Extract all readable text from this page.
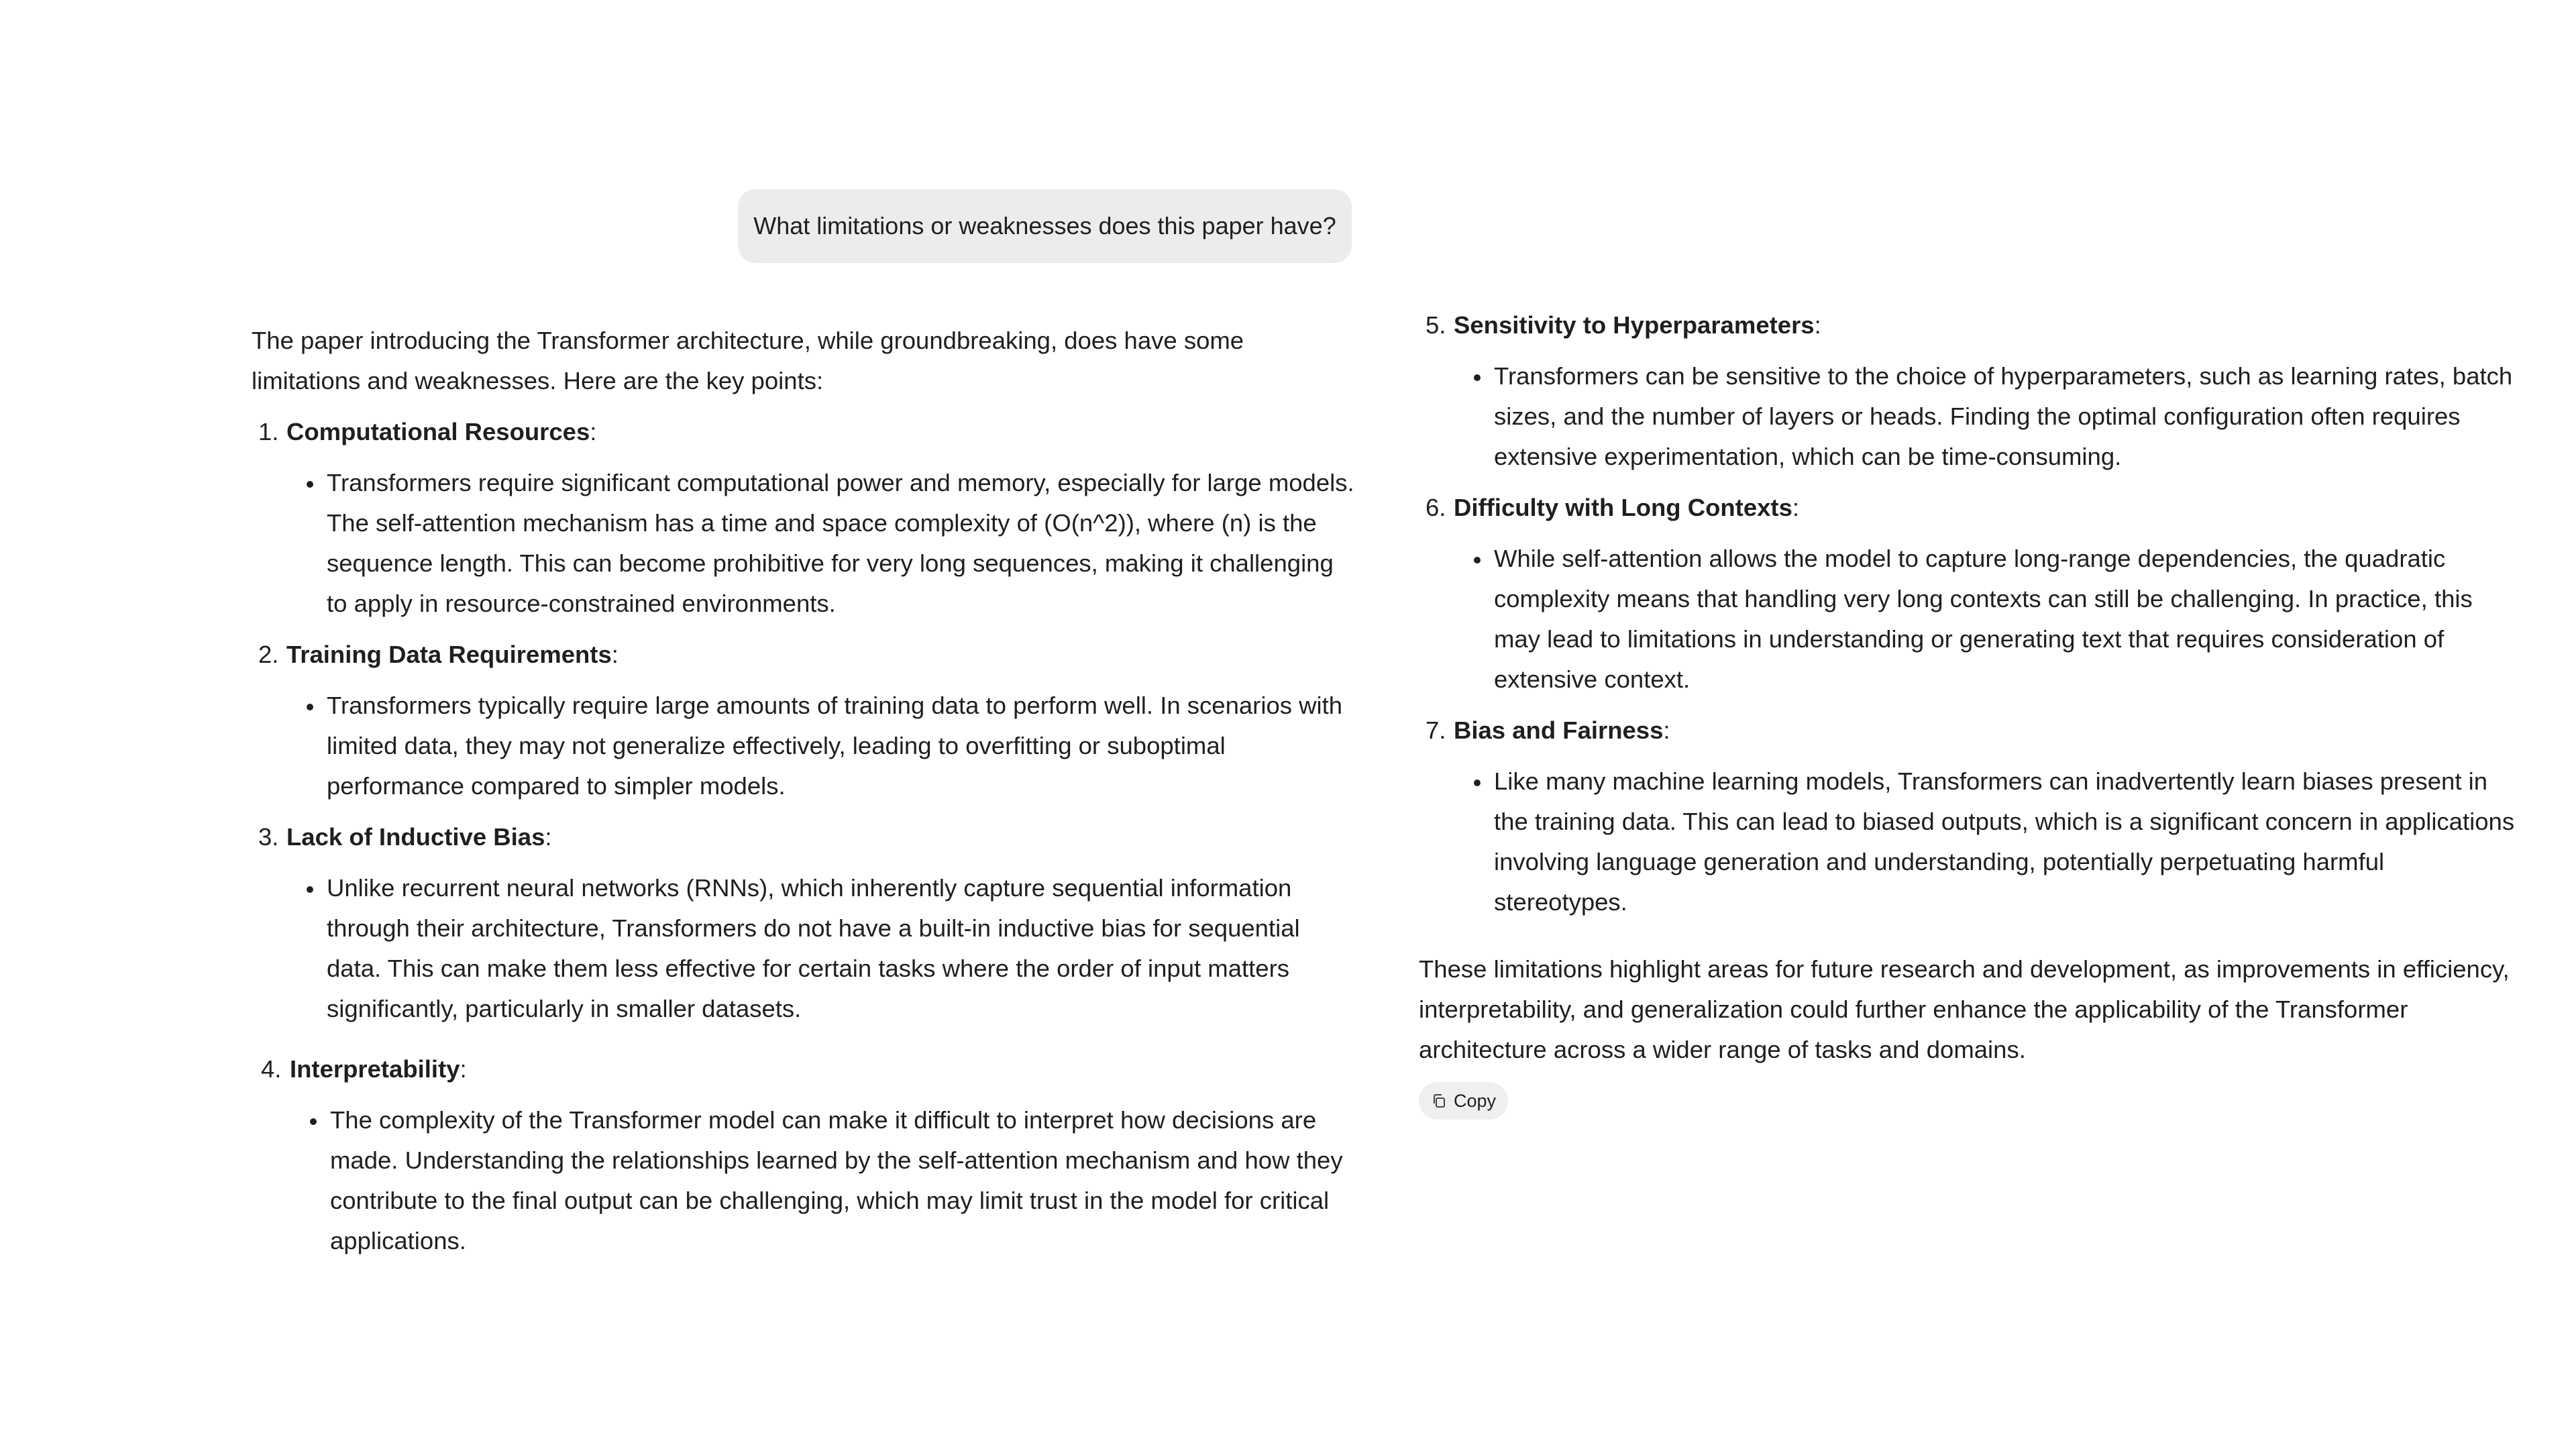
What limitations or weaknesses does this paper have?

The paper introducing the Transformer architecture, while groundbreaking, does have some limitations and weaknesses. Here are the key points:

1. Computational Resources:
Transformers require significant computational power and memory, especially for large models. The self-attention mechanism has a time and space complexity of (O(n^2)), where (n) is the sequence length. This can become prohibitive for very long sequences, making it challenging to apply in resource-constrained environments.
2. Training Data Requirements:
Transformers typically require large amounts of training data to perform well. In scenarios with limited data, they may not generalize effectively, leading to overfitting or suboptimal performance compared to simpler models.
3. Lack of Inductive Bias:
Unlike recurrent neural networks (RNNs), which inherently capture sequential information through their architecture, Transformers do not have a built-in inductive bias for sequential data. This can make them less effective for certain tasks where the order of input matters significantly, particularly in smaller datasets.
4. Interpretability:
The complexity of the Transformer model can make it difficult to interpret how decisions are made. Understanding the relationships learned by the self-attention mechanism and how they contribute to the final output can be challenging, which may limit trust in the model for critical applications.
5. Sensitivity to Hyperparameters:
Transformers can be sensitive to the choice of hyperparameters, such as learning rates, batch sizes, and the number of layers or heads. Finding the optimal configuration often requires extensive experimentation, which can be time-consuming.
6. Difficulty with Long Contexts:
While self-attention allows the model to capture long-range dependencies, the quadratic complexity means that handling very long contexts can still be challenging. In practice, this may lead to limitations in understanding or generating text that requires consideration of extensive context.
7. Bias and Fairness:
Like many machine learning models, Transformers can inadvertently learn biases present in the training data. This can lead to biased outputs, which is a significant concern in applications involving language generation and understanding, potentially perpetuating harmful stereotypes.

These limitations highlight areas for future research and development, as improvements in efficiency, interpretability, and generalization could further enhance the applicability of the Transformer architecture across a wider range of tasks and domains.

Copy
